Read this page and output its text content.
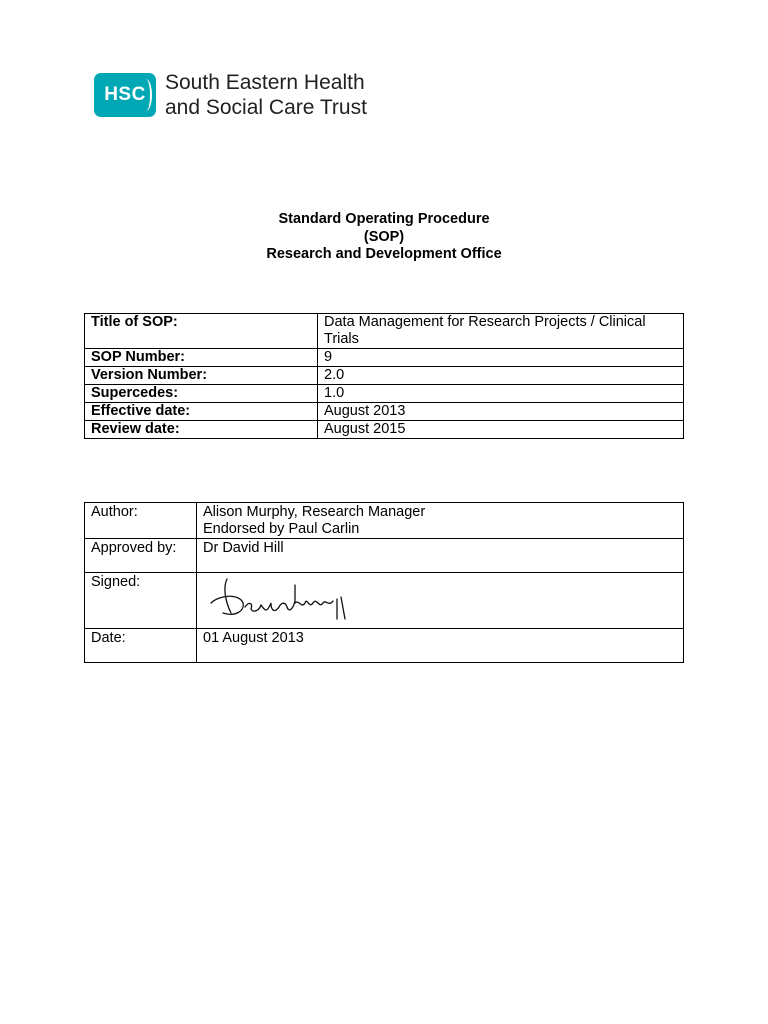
HSC
South Eastern Health
and Social Care Trust
Standard Operating Procedure
(SOP)
Research and Development Office
Title of SOP:	Data Management for Research Projects / Clinical Trials
SOP Number:	9
Version Number:	2.0
Supercedes:	1.0
Effective date:	August 2013
Review date:	August 2015
Author:	Alison Murphy, Research Manager
Endorsed by Paul Carlin

Approved by:	Dr David Hill
Signed:	

Date:	01 August 2013
